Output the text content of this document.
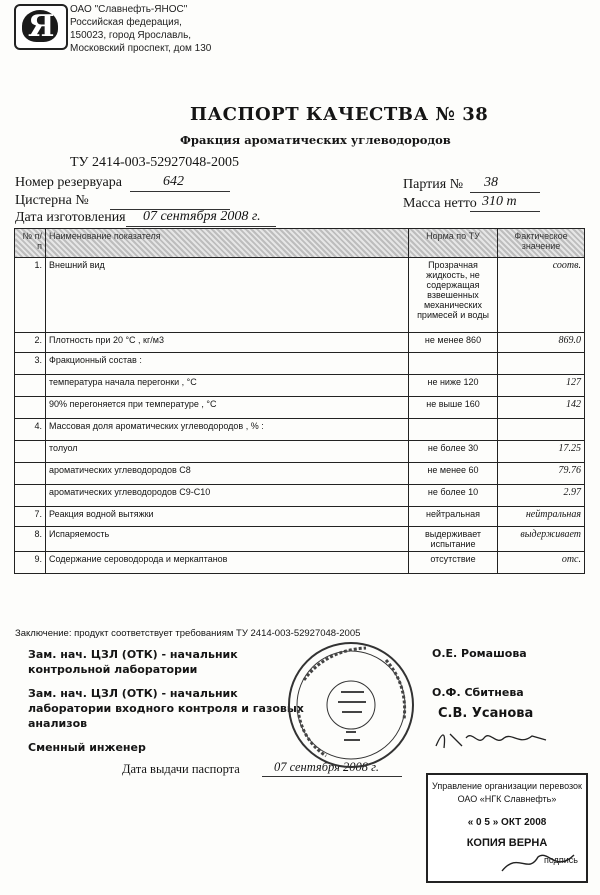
Я ОАО "Славнефть-ЯНОС"
Российская федерация,
150023, город Ярославль,
Московский проспект, дом 130
ПАСПОРТ КАЧЕСТВА № 38
Фракция ароматических углеводородов
ТУ 2414-003-52927048-2005
Номер резервуара	642
Цистерна №
Дата изготовления 07 сентября 2008 г.
Партия № 38
Масса нетто 310 т
№ п/п	Наименование показателя	Норма по ТУ	Фактическое значение
1.	Внешний вид	Прозрачная жидкость, не содержащая взвешенных механических примесей и воды	соотв.
2.	Плотность при 20 °С , кг/м3	не менее 860	869.0
3.	Фракционный состав :		
	температура начала перегонки , °С	не ниже 120	127
	90% перегоняется при температуре , °С	не выше 160	142
4.	Массовая доля ароматических углеводородов , % :		
	толуол	не более 30	17.25
	ароматических углеводородов С8	не менее 60	79.76
	ароматических углеводородов С9-С10	не более 10	2.97
7.	Реакция водной вытяжки	нейтральная	нейтральная
8.	Испаряемость	выдерживает испытание	выдерживает
9.	Содержание сероводорода и меркаптанов	отсутствие	отс.
Заключение: продукт соответствует требованиям ТУ 2414-003-52927048-2005
Зам. нач. ЦЗЛ (ОТК) - начальник
контрольной лаборатории
О.Е. Ромашова
Зам. нач. ЦЗЛ (ОТК) - начальник
лаборатории входного контроля и газовых
анализов
О.Ф. Сбитнева
Сменный инженер
С.В. Усанова
Дата выдачи паспорта	07 сентября 2008 г.
Управление организации перевозок
ОАО «НГК Славнефть»
« 0 5 » ОКТ 2008
КОПИЯ ВЕРНА
подпись
